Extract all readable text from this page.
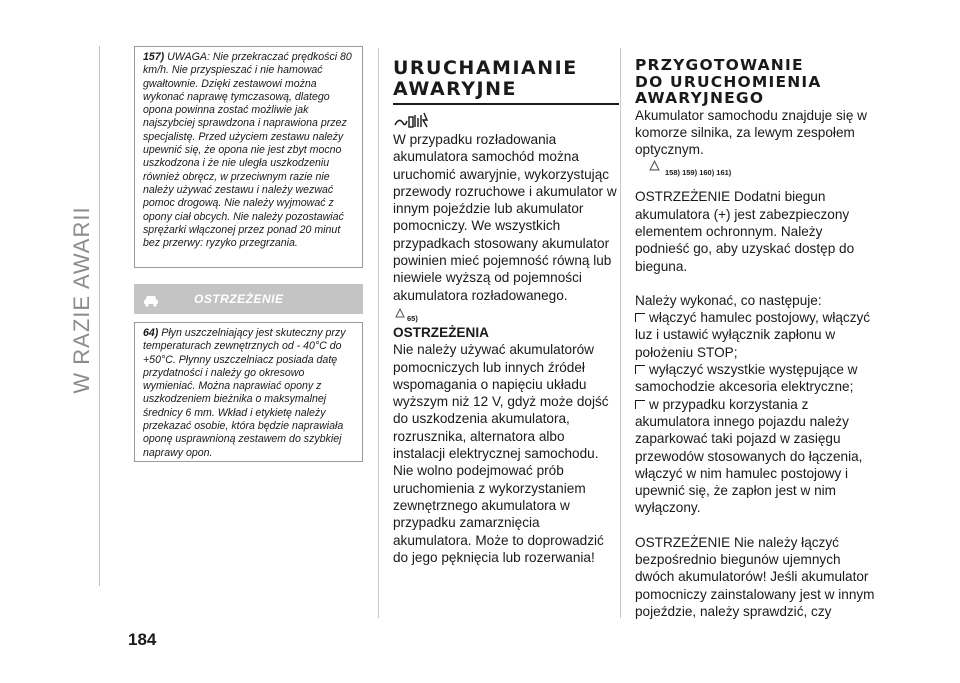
W RAZIE AWARII
184
157) UWAGA: Nie przekraczać prędkości 80 km/h. Nie przyspieszać i nie hamować gwałtownie. Dzięki zestawowi można wykonać naprawę tymczasową, dlatego opona powinna zostać możliwie jak najszybciej sprawdzona i naprawiona przez specjalistę. Przed użyciem zestawu należy upewnić się, że opona nie jest zbyt mocno uszkodzona i że nie uległa uszkodzeniu również obręcz, w przeciwnym razie nie należy używać zestawu i należy wezwać pomoc drogową. Nie należy wyjmować z opony ciał obcych. Nie należy pozostawiać sprężarki włączonej przez ponad 20 minut bez przerwy: ryzyko przegrzania.
OSTRZEŻENIE
64) Płyn uszczelniający jest skuteczny przy temperaturach zewnętrznych od - 40°C do +50°C. Płynny uszczelniacz posiada datę przydatności i należy go okresowo wymieniać. Można naprawiać opony z uszkodzeniem bieżnika o maksymalnej średnicy 6 mm. Wkład i etykietę należy przekazać osobie, która będzie naprawiała oponę usprawnioną zestawem do szybkiej naprawy opon.
URUCHAMIANIE
AWARYJNE

W przypadku rozładowania akumulatora samochód można uruchomić awaryjnie, wykorzystując przewody rozruchowe i akumulator w innym pojeździe lub akumulator pomocniczy. We wszystkich przypadkach stosowany akumulator powinien mieć pojemność równą lub niewiele wyższą od pojemności akumulatora rozładowanego.

65)

OSTRZEŻENIA

Nie należy używać akumulatorów pomocniczych lub innych źródeł wspomagania o napięciu układu wyższym niż 12 V, gdyż może dojść do uszkodzenia akumulatora, rozrusznika, alternatora albo instalacji elektrycznej samochodu.

Nie wolno podejmować prób uruchomienia z wykorzystaniem zewnętrznego akumulatora w przypadku zamarznięcia akumulatora. Może to doprowadzić do jego pęknięcia lub rozerwania!

PRZYGOTOWANIE
DO URUCHOMIENIA
AWARYJNEGO

Akumulator samochodu znajduje się w komorze silnika, za lewym zespołem optycznym.

158) 159) 160) 161)

OSTRZEŻENIE Dodatni biegun akumulatora (+) jest zabezpieczony elementem ochronnym. Należy podnieść go, aby uzyskać dostęp do bieguna.

Należy wykonać, co następuje:

włączyć hamulec postojowy, włączyć luz i ustawić wyłącznik zapłonu w położeniu STOP;

wyłączyć wszystkie występujące w samochodzie akcesoria elektryczne;

w przypadku korzystania z akumulatora innego pojazdu należy zaparkować taki pojazd w zasięgu przewodów stosowanych do łączenia, włączyć w nim hamulec postojowy i upewnić się, że zapłon jest w nim wyłączony.

OSTRZEŻENIE Nie należy łączyć bezpośrednio biegunów ujemnych dwóch akumulatorów! Jeśli akumulator pomocniczy zainstalowany jest w innym pojeździe, należy sprawdzić, czy
